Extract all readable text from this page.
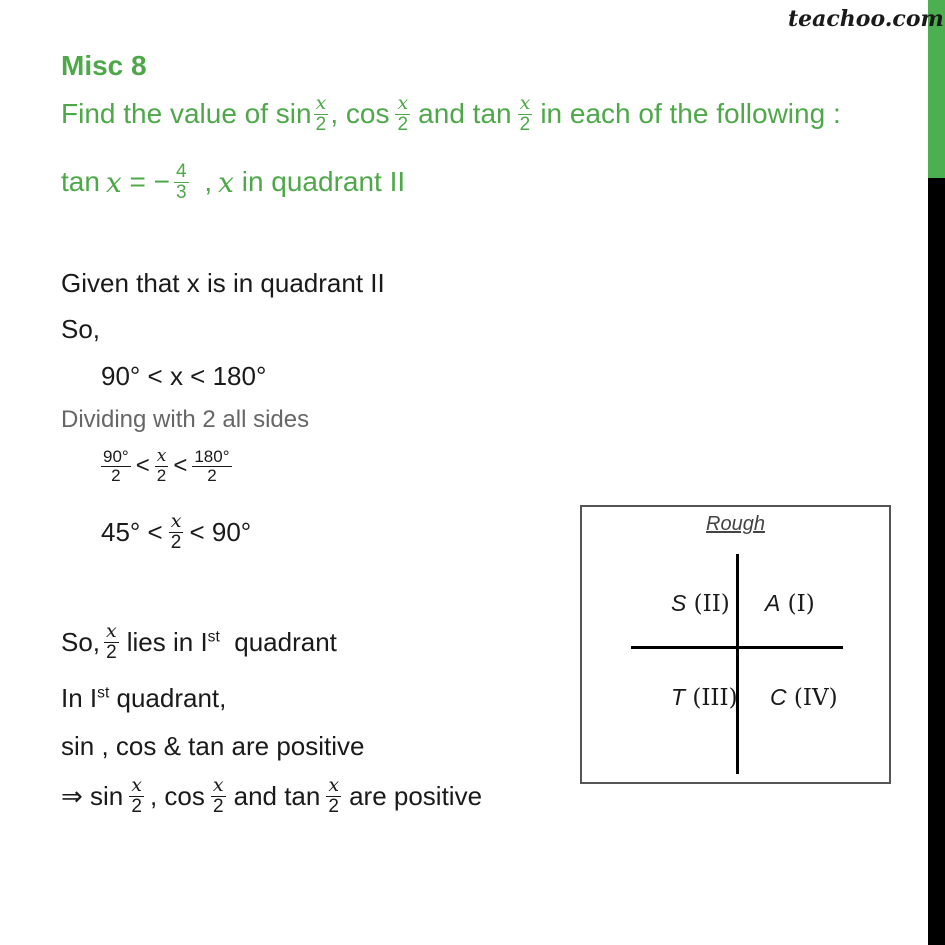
teachoo.com
Misc 8
Find the value of $\sin \frac{x}{2}$ , $\cos \frac{x}{2}$ and $\tan \frac{x}{2}$ in each of the following :
tan x = − $\frac{4}{3}$ , x in quadrant II
Given that x is in quadrant II
So,
90° < x < 180°
Dividing with 2 all sides
$\frac{90^\circ}{2} < \frac{x}{2} < \frac{180^\circ}{2}$
$45^\circ < \frac{x}{2} < 90^\circ$
So, $\frac{x}{2}$ lies in Ist  quadrant
In Ist quadrant,
sin , cos & tan are positive
⇒ $\sin \frac{x}{2}$ , $\cos \frac{x}{2}$ and $\tan \frac{x}{2}$ are positive
Rough
S (II) A (I)
T (III) C (IV)
